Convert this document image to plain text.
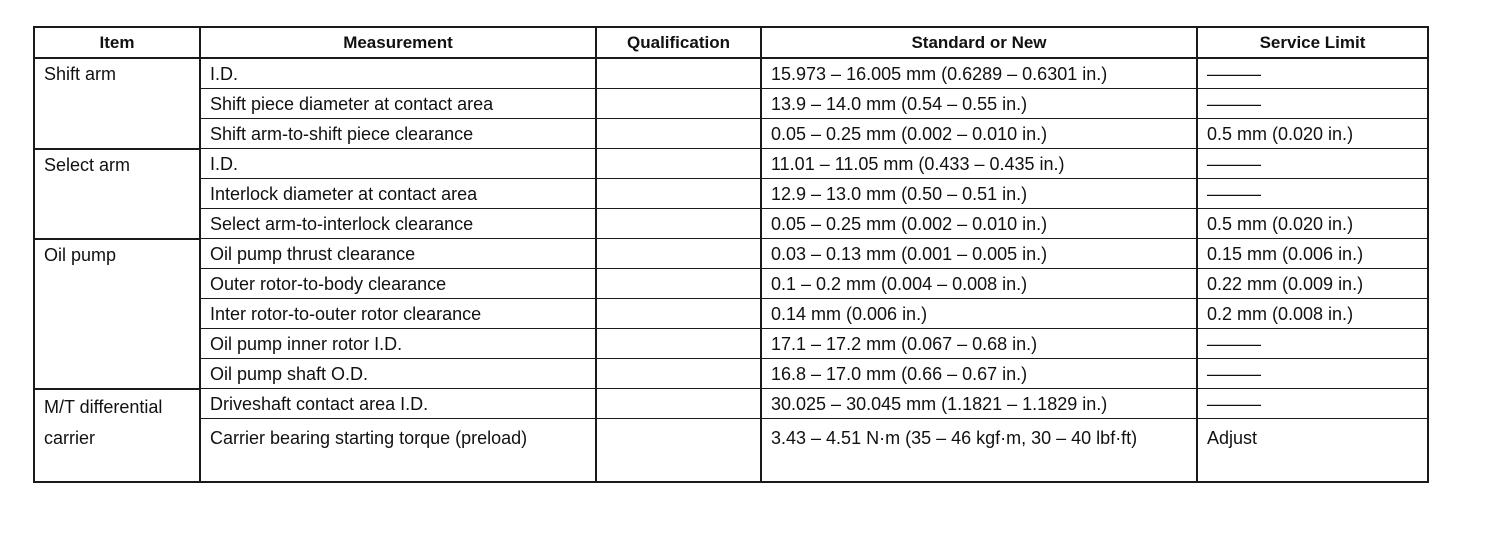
Item	Measurement	Qualification	Standard or New	Service Limit
Shift arm	I.D.		15.973 – 16.005 mm (0.6289 – 0.6301 in.)	———
	Shift piece diameter at contact area		13.9 – 14.0 mm (0.54 – 0.55 in.)	———
	Shift arm-to-shift piece clearance		0.05 – 0.25 mm (0.002 – 0.010 in.)	0.5 mm (0.020 in.)
Select arm	I.D.		11.01 – 11.05 mm (0.433 – 0.435 in.)	———
	Interlock diameter at contact area		12.9 – 13.0 mm (0.50 – 0.51 in.)	———
	Select arm-to-interlock clearance		0.05 – 0.25 mm (0.002 – 0.010 in.)	0.5 mm (0.020 in.)
Oil pump	Oil pump thrust clearance		0.03 – 0.13 mm (0.001 – 0.005 in.)	0.15 mm (0.006 in.)
	Outer rotor-to-body clearance		0.1 – 0.2 mm (0.004 – 0.008 in.)	0.22 mm (0.009 in.)
	Inter rotor-to-outer rotor clearance		0.14 mm (0.006 in.)	0.2 mm (0.008 in.)
	Oil pump inner rotor I.D.		17.1 – 17.2 mm (0.067 – 0.68 in.)	———
	Oil pump shaft O.D.		16.8 – 17.0 mm (0.66 – 0.67 in.)	———
M/T differential carrier	Driveshaft contact area I.D.		30.025 – 30.045 mm (1.1821 – 1.1829 in.)	———
	Carrier bearing starting torque (preload)		3.43 – 4.51 N·m (35 – 46 kgf·m, 30 – 40 lbf·ft)	Adjust
